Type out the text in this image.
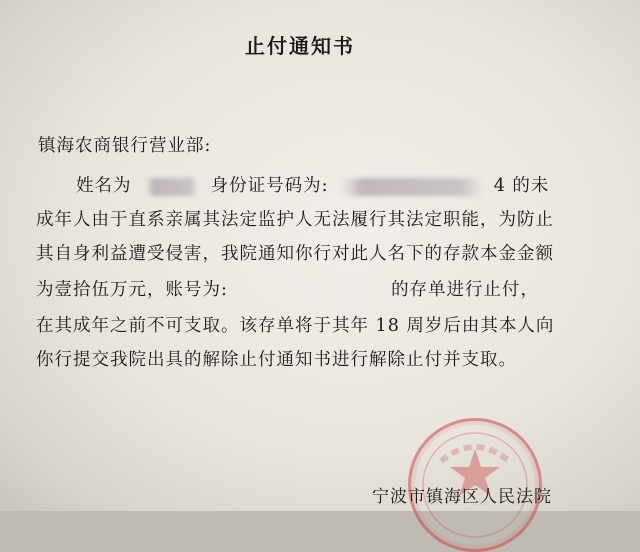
止付通知书
镇海农商银行营业部:
姓名为	身份证号码为:	4 的未
成年人由于直系亲属其法定监护人无法履行其法定职能，为防止
其自身利益遭受侵害，我院通知你行对此人名下的存款本金金额
为壹拾伍万元，账号为:	的存单进行止付，
在其成年之前不可支取。该存单将于其年 18 周岁后由其本人向
你行提交我院出具的解除止付通知书进行解除止付并支取。
宁波市镇海区人民法院
